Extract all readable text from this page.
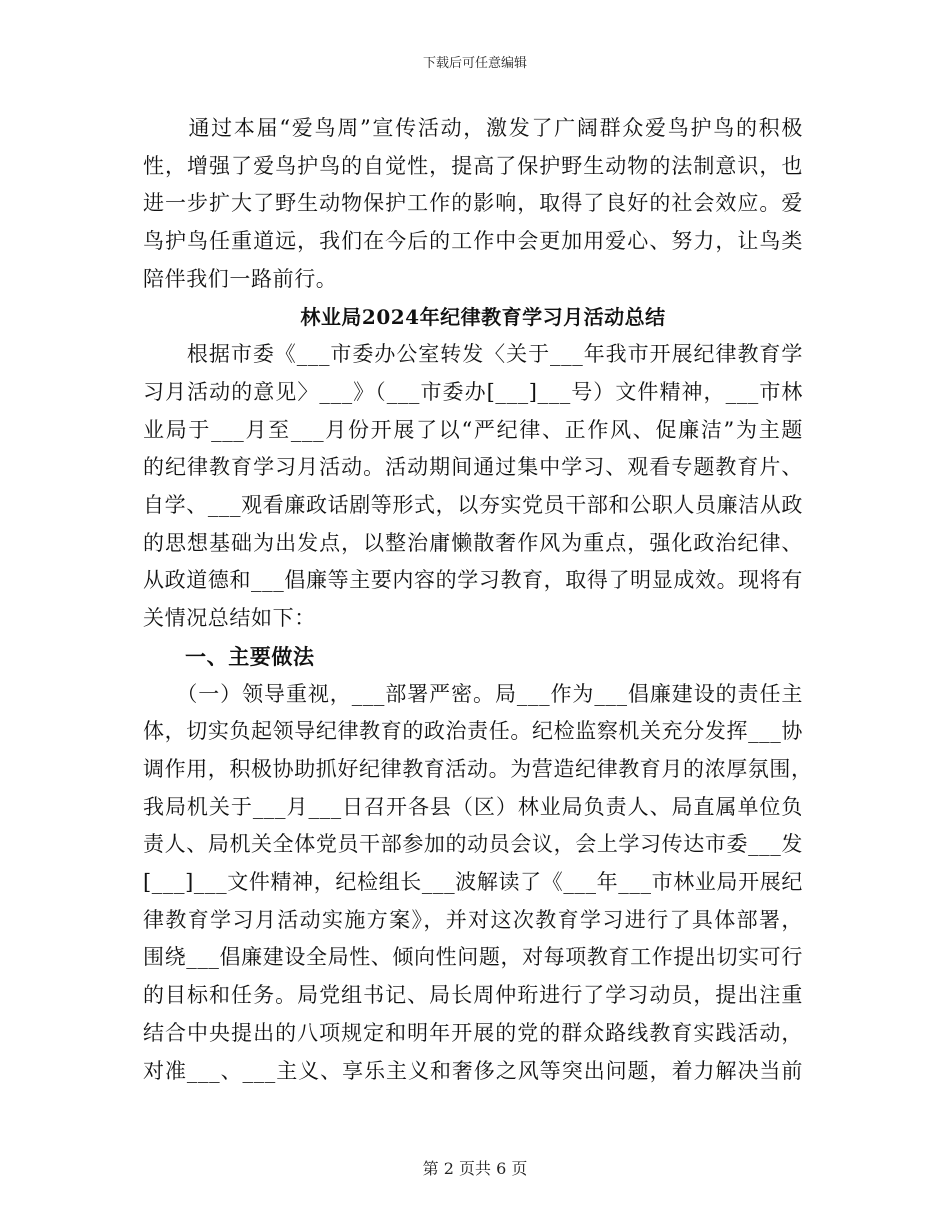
下载后可任意编辑

　　通过本届“爱鸟周”宣传活动，激发了广阔群众爱鸟护鸟的积极
性，增强了爱鸟护鸟的自觉性，提高了保护野生动物的法制意识，也
进一步扩大了野生动物保护工作的影响，取得了良好的社会效应。爱
鸟护鸟任重道远，我们在今后的工作中会更加用爱心、努力，让鸟类
陪伴我们一路前行。

林业局2024年纪律教育学习月活动总结

　　根据市委《___市委办公室转发〈关于___年我市开展纪律教育学
习月活动的意见〉___》（___市委办[___]___号）文件精神，___市林
业局于___月至___月份开展了以“严纪律、正作风、促廉洁”为主题
的纪律教育学习月活动。活动期间通过集中学习、观看专题教育片、
自学、___观看廉政话剧等形式，以夯实党员干部和公职人员廉洁从政
的思想基础为出发点，以整治庸懒散奢作风为重点，强化政治纪律、
从政道德和___倡廉等主要内容的学习教育，取得了明显成效。现将有
关情况总结如下：

一、主要做法

　　（一）领导重视，___部署严密。局___作为___倡廉建设的责任主
体，切实负起领导纪律教育的政治责任。纪检监察机关充分发挥___协
调作用，积极协助抓好纪律教育活动。为营造纪律教育月的浓厚氛围，
我局机关于___月___日召开各县（区）林业局负责人、局直属单位负
责人、局机关全体党员干部参加的动员会议，会上学习传达市委___发
[___]___文件精神，纪检组长___波解读了《___年___市林业局开展纪
律教育学习月活动实施方案》，并对这次教育学习进行了具体部署，
围绕___倡廉建设全局性、倾向性问题，对每项教育工作提出切实可行
的目标和任务。局党组书记、局长周仲珩进行了学习动员，提出注重
结合中央提出的八项规定和明年开展的党的群众路线教育实践活动，
对准___、___主义、享乐主义和奢侈之风等突出问题，着力解决当前

第 2 页共 6 页
